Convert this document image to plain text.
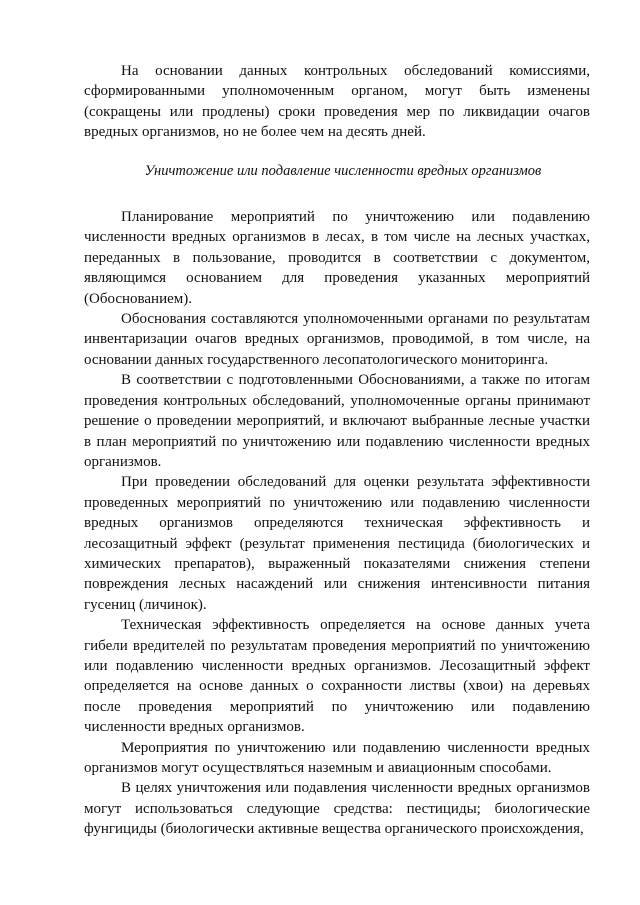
На основании данных контрольных обследований комиссиями, сформированными уполномоченным органом, могут быть изменены (сокращены или продлены) сроки проведения мер по ликвидации очагов вредных организмов, но не более чем на десять дней.

Уничтожение или подавление численности вредных организмов

Планирование мероприятий по уничтожению или подавлению численности вредных организмов в лесах, в том числе на лесных участках, переданных в пользование, проводится в соответствии с документом, являющимся основанием для проведения указанных мероприятий (Обоснованием).

Обоснования составляются уполномоченными органами по результатам инвентаризации очагов вредных организмов, проводимой, в том числе, на основании данных государственного лесопатологического мониторинга.

В соответствии с подготовленными Обоснованиями, а также по итогам проведения контрольных обследований, уполномоченные органы принимают решение о проведении мероприятий, и включают выбранные лесные участки в план мероприятий по уничтожению или подавлению численности вредных организмов.

При проведении обследований для оценки результата эффективности проведенных мероприятий по уничтожению или подавлению численности вредных организмов определяются техническая эффективность и лесозащитный эффект (результат применения пестицида (биологических и химических препаратов), выраженный показателями снижения степени повреждения лесных насаждений или снижения интенсивности питания гусениц (личинок).

Техническая эффективность определяется на основе данных учета гибели вредителей по результатам проведения мероприятий по уничтожению или подавлению численности вредных организмов. Лесозащитный эффект определяется на основе данных о сохранности листвы (хвои) на деревьях после проведения мероприятий по уничтожению или подавлению численности вредных организмов.

Мероприятия по уничтожению или подавлению численности вредных организмов могут осуществляться наземным и авиационным способами.

В целях уничтожения или подавления численности вредных организмов могут использоваться следующие средства: пестициды; биологические фунгициды (биологически активные вещества органического происхождения,
